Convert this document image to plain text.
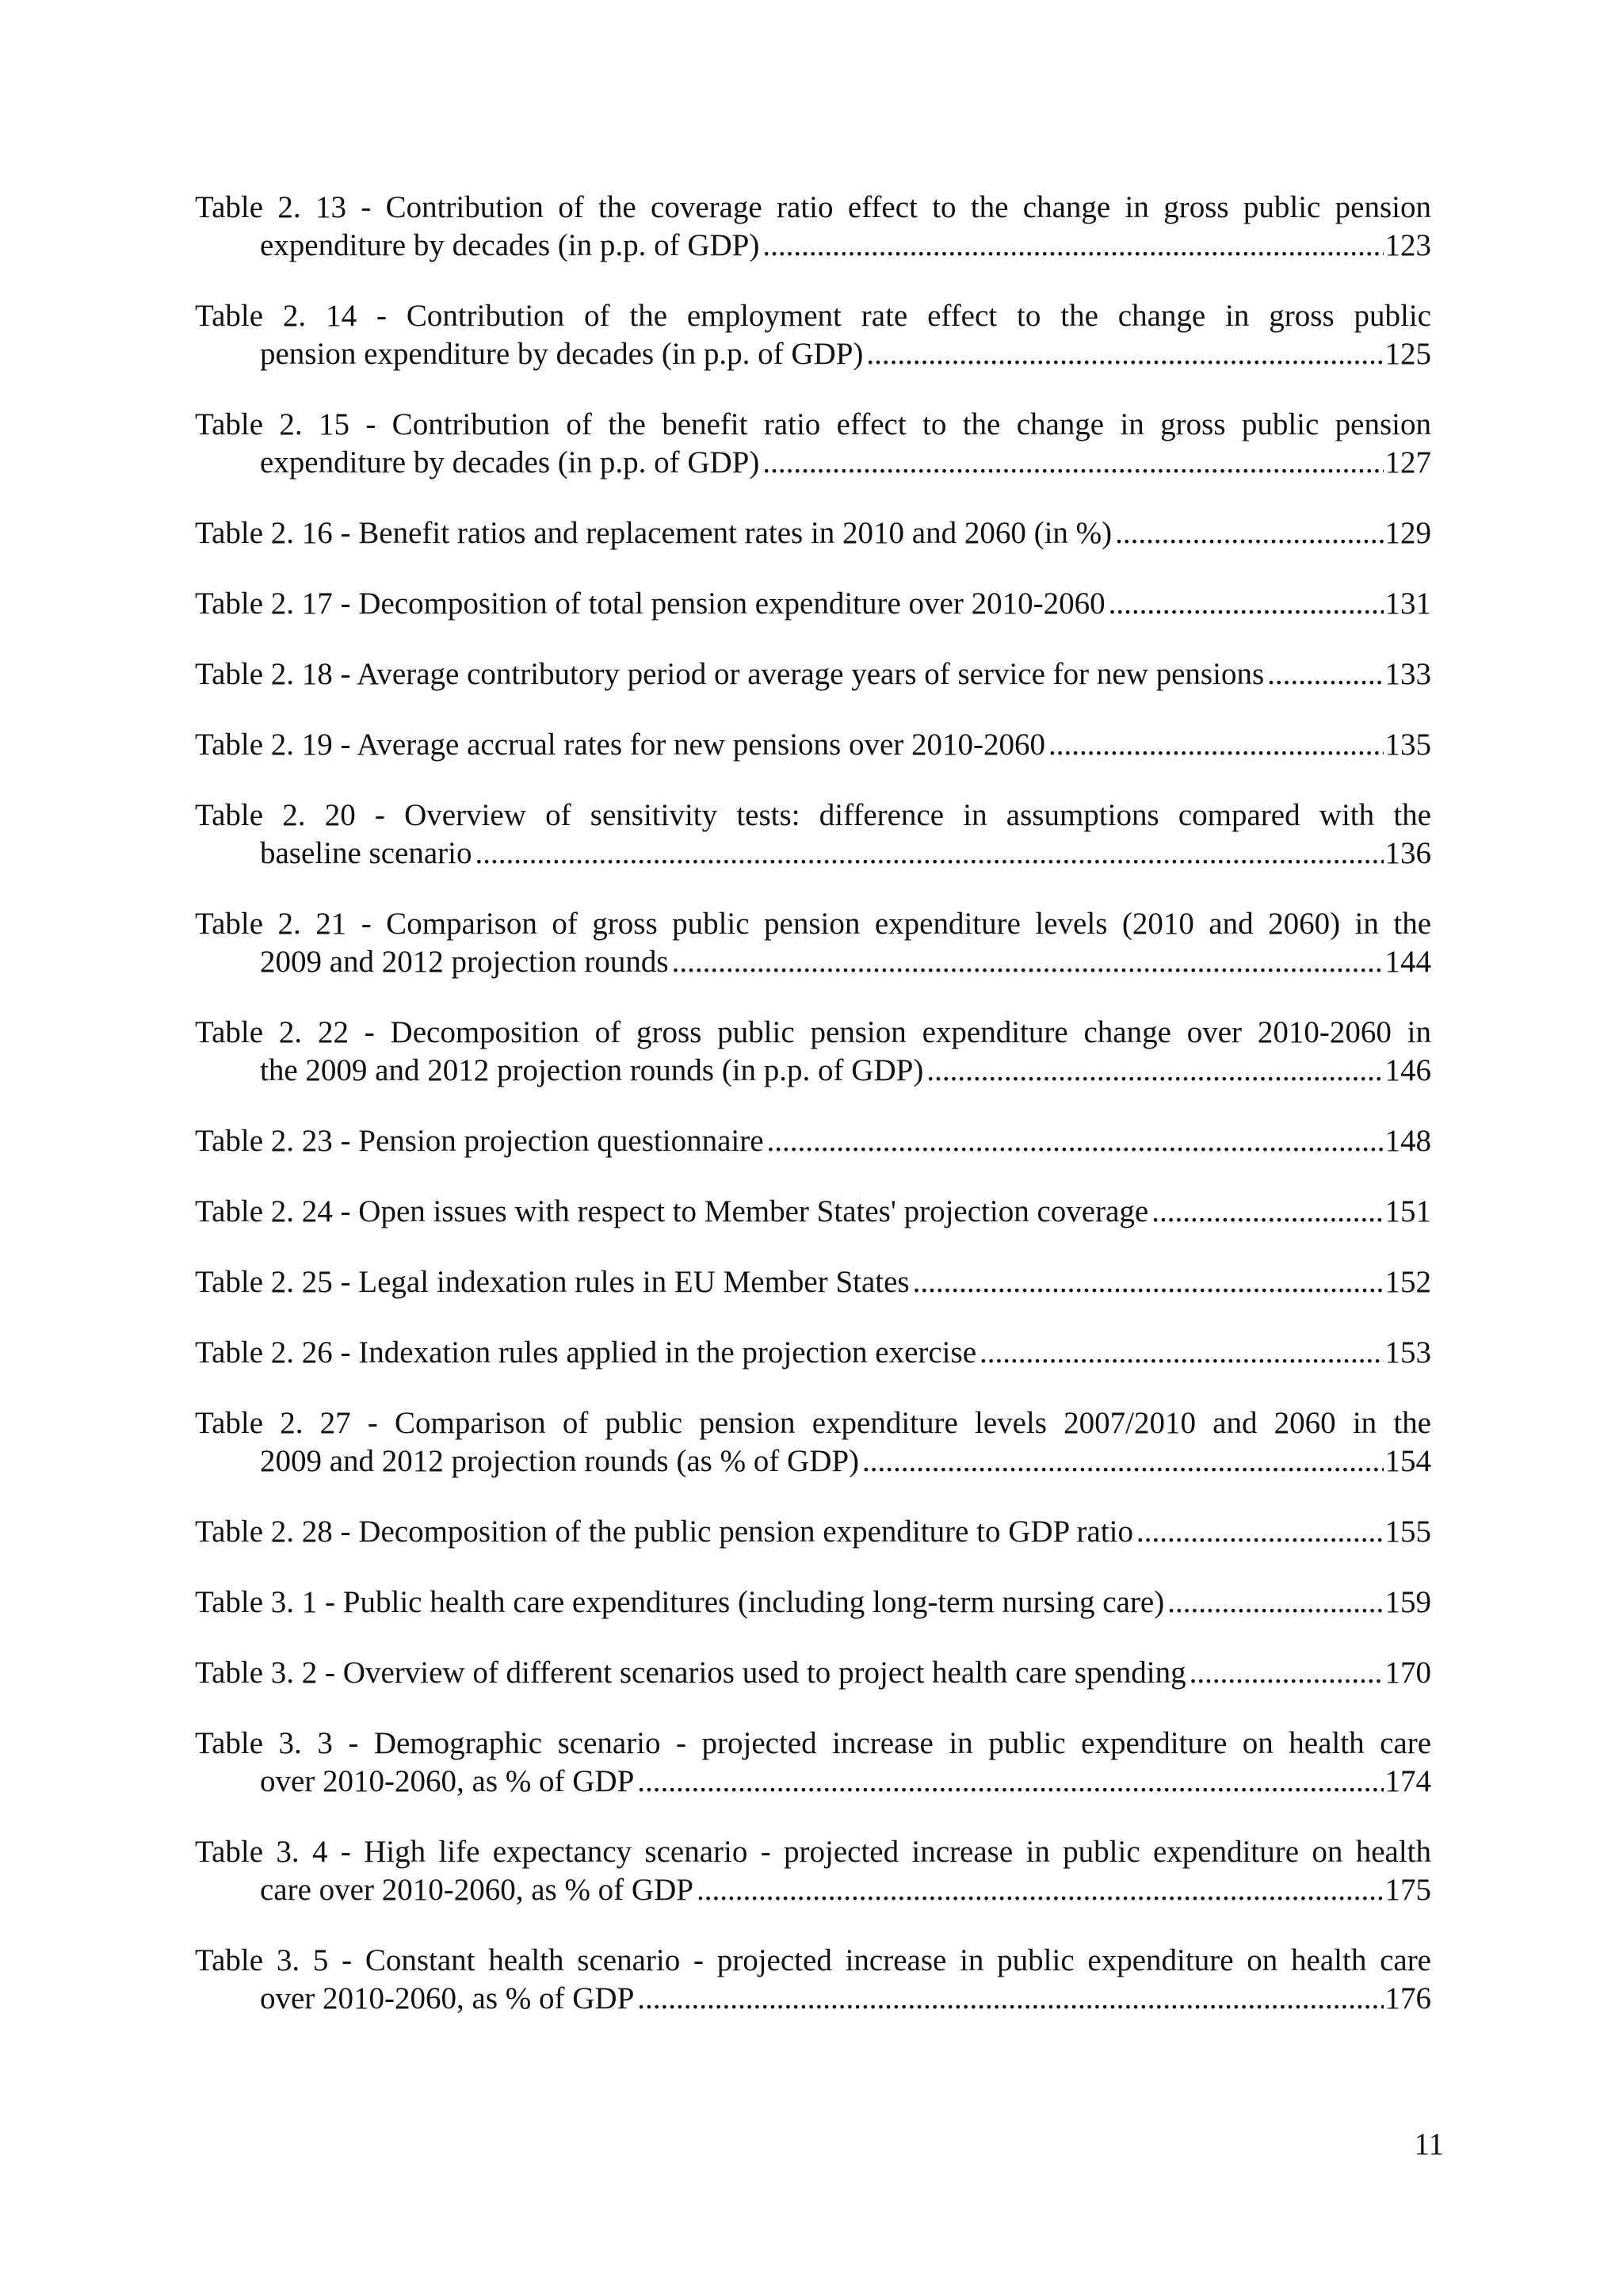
Table 2. 13 - Contribution of the coverage ratio effect to the change in gross public pension
expenditure by decades (in p.p. of GDP) .....	123
Table 2. 14 - Contribution of the employment rate effect to the change in gross public
pension expenditure by decades (in p.p. of GDP) .....	125
Table 2. 15 - Contribution of the benefit ratio effect to the change in gross public pension
expenditure by decades (in p.p. of GDP) .....	127
Table 2. 16 - Benefit ratios and replacement rates in 2010 and 2060 (in %) .....	129
Table 2. 17 - Decomposition of total pension expenditure over 2010-2060 .....	131
Table 2. 18 - Average contributory period or average years of service for new pensions .....	133
Table 2. 19 - Average accrual rates for new pensions over 2010-2060 .....	135
Table 2. 20 - Overview of sensitivity tests: difference in assumptions compared with the
baseline scenario .....	136
Table 2. 21 - Comparison of gross public pension expenditure levels (2010 and 2060) in the
2009 and 2012 projection rounds .....	144
Table 2. 22 - Decomposition of gross public pension expenditure change over 2010-2060 in
the 2009 and 2012 projection rounds (in p.p. of GDP) .....	146
Table 2. 23 - Pension projection questionnaire .....	148
Table 2. 24 - Open issues with respect to Member States' projection coverage .....	151
Table 2. 25 - Legal indexation rules in EU Member States .....	152
Table 2. 26 - Indexation rules applied in the projection exercise .....	153
Table 2. 27 - Comparison of public pension expenditure levels 2007/2010 and 2060 in the
2009 and 2012 projection rounds (as % of GDP) .....	154
Table 2. 28 - Decomposition of the public pension expenditure to GDP ratio .....	155
Table 3. 1 - Public health care expenditures (including long-term nursing care) .....	159
Table 3. 2 - Overview of different scenarios used to project health care spending .....	170
Table 3. 3 - Demographic scenario - projected increase in public expenditure on health care
over 2010-2060, as % of GDP .....	174
Table 3. 4 - High life expectancy scenario - projected increase in public expenditure on health
care over 2010-2060, as % of GDP .....	175
Table 3. 5 - Constant health scenario - projected increase in public expenditure on health care
over 2010-2060, as % of GDP .....	176
11
